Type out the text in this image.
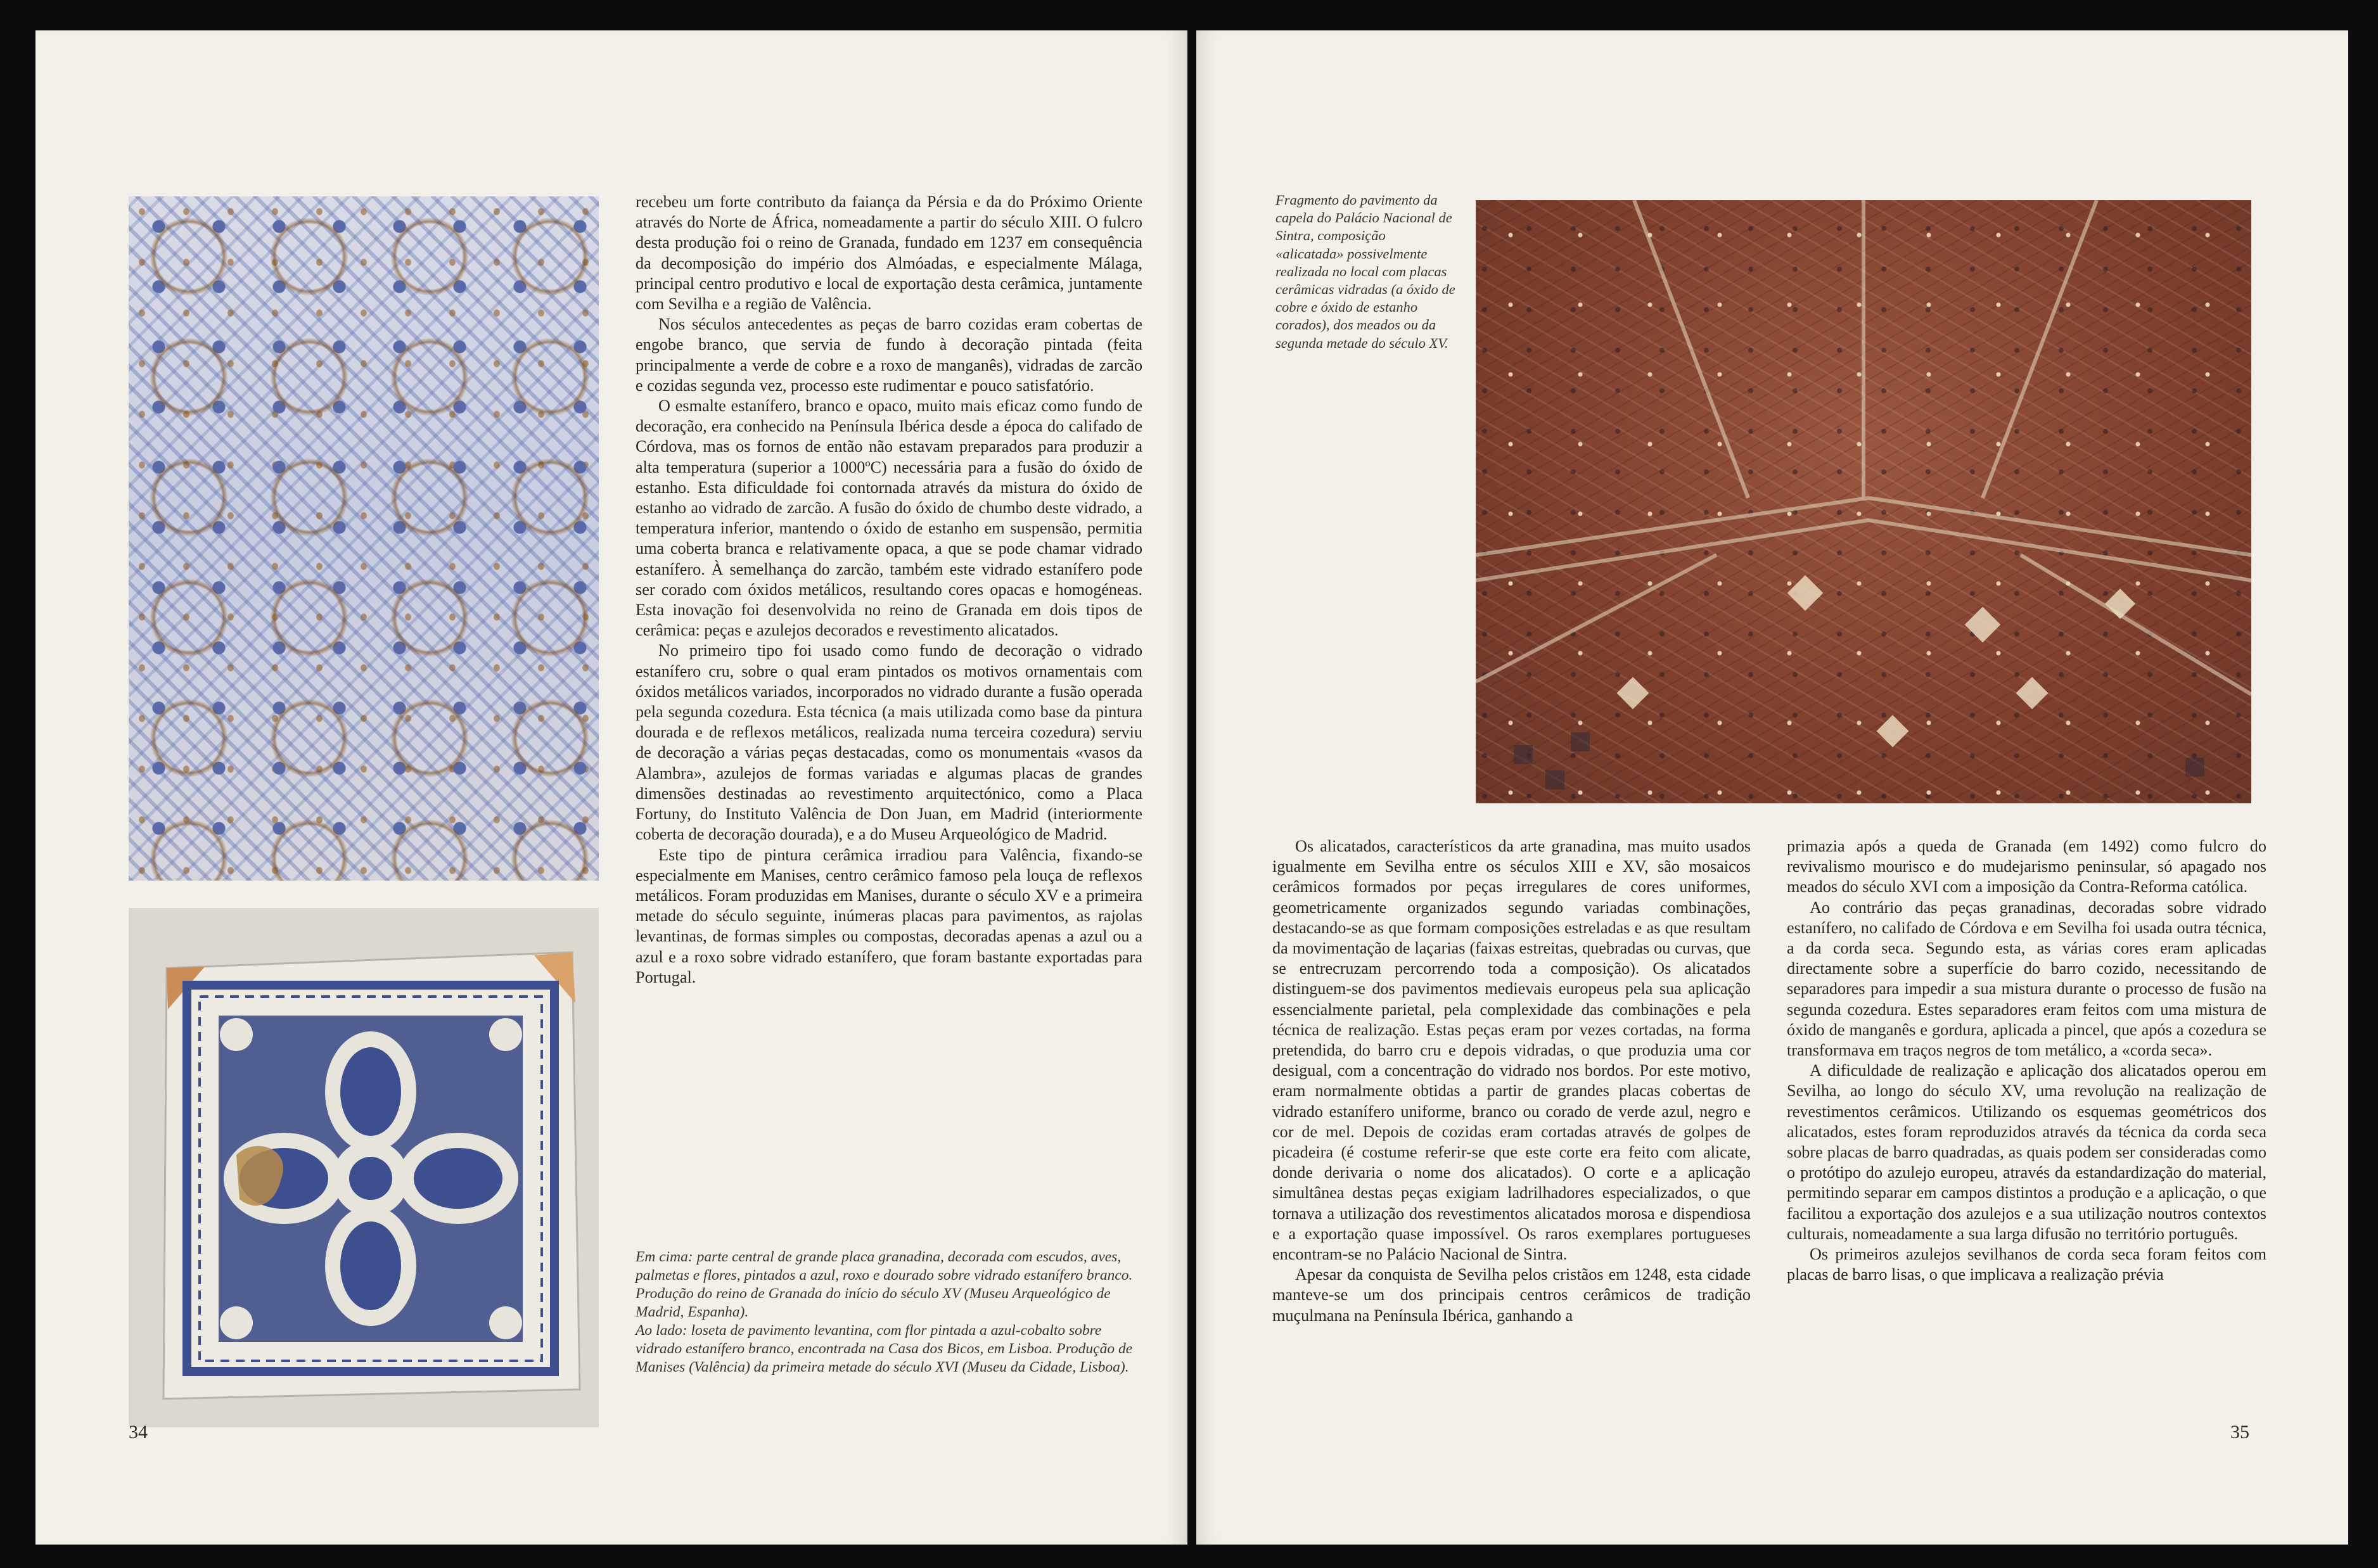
recebeu um forte contributo da faiança da Pérsia e da do Próximo Oriente através do Norte de África, nomeadamente a partir do século XIII. O fulcro desta produção foi o reino de Granada, fundado em 1237 em consequência da decomposição do império dos Almóadas, e especialmente Málaga, principal centro produtivo e local de exportação desta cerâmica, juntamente com Sevilha e a região de Valência.

Nos séculos antecedentes as peças de barro cozidas eram cobertas de engobe branco, que servia de fundo à decoração pintada (feita principalmente a verde de cobre e a roxo de manganês), vidradas de zarcão e cozidas segunda vez, processo este rudimentar e pouco satisfatório.

O esmalte estanífero, branco e opaco, muito mais eficaz como fundo de decoração, era conhecido na Península Ibérica desde a época do califado de Córdova, mas os fornos de então não estavam preparados para produzir a alta temperatura (superior a 1000ºC) necessária para a fusão do óxido de estanho. Esta dificuldade foi contornada através da mistura do óxido de estanho ao vidrado de zarcão. A fusão do óxido de chumbo deste vidrado, a temperatura inferior, mantendo o óxido de estanho em suspensão, permitia uma coberta branca e relativamente opaca, a que se pode chamar vidrado estanífero. À semelhança do zarcão, também este vidrado estanífero pode ser corado com óxidos metálicos, resultando cores opacas e homogéneas. Esta inovação foi desenvolvida no reino de Granada em dois tipos de cerâmica: peças e azulejos decorados e revestimento alicatados.

No primeiro tipo foi usado como fundo de decoração o vidrado estanífero cru, sobre o qual eram pintados os motivos ornamentais com óxidos metálicos variados, incorporados no vidrado durante a fusão operada pela segunda cozedura. Esta técnica (a mais utilizada como base da pintura dourada e de reflexos metálicos, realizada numa terceira cozedura) serviu de decoração a várias peças destacadas, como os monumentais «vasos da Alambra», azulejos de formas variadas e algumas placas de grandes dimensões destinadas ao revestimento arquitectónico, como a Placa Fortuny, do Instituto Valência de Don Juan, em Madrid (interiormente coberta de decoração dourada), e a do Museu Arqueológico de Madrid.

Este tipo de pintura cerâmica irradiou para Valência, fixando-se especialmente em Manises, centro cerâmico famoso pela louça de reflexos metálicos. Foram produzidas em Manises, durante o século XV e a primeira metade do século seguinte, inúmeras placas para pavimentos, as rajolas levantinas, de formas simples ou compostas, decoradas apenas a azul ou a azul e a roxo sobre vidrado estanífero, que foram bastante exportadas para Portugal.

Em cima: parte central de grande placa granadina, decorada com escudos, aves, palmetas e flores, pintados a azul, roxo e dourado sobre vidrado estanífero branco. Produção do reino de Granada do início do século XV (Museu Arqueológico de Madrid, Espanha).

Ao lado: loseta de pavimento levantina, com flor pintada a azul-cobalto sobre vidrado estanífero branco, encontrada na Casa dos Bicos, em Lisboa. Produção de Manises (Valência) da primeira metade do século XVI (Museu da Cidade, Lisboa).

34
Fragmento do pavimento da capela do Palácio Nacional de Sintra, composição «alicatada» possivelmente realizada no local com placas cerâmicas vidradas (a óxido de cobre e óxido de estanho corados), dos meados ou da segunda metade do século XV.

Os alicatados, característicos da arte granadina, mas muito usados igualmente em Sevilha entre os séculos XIII e XV, são mosaicos cerâmicos formados por peças irregulares de cores uniformes, geometricamente organizados segundo variadas combinações, destacando-se as que formam composições estreladas e as que resultam da movimentação de laçarias (faixas estreitas, quebradas ou curvas, que se entrecruzam percorrendo toda a composição). Os alicatados distinguem-se dos pavimentos medievais europeus pela sua aplicação essencialmente parietal, pela complexidade das combinações e pela técnica de realização. Estas peças eram por vezes cortadas, na forma pretendida, do barro cru e depois vidradas, o que produzia uma cor desigual, com a concentração do vidrado nos bordos. Por este motivo, eram normalmente obtidas a partir de grandes placas cobertas de vidrado estanífero uniforme, branco ou corado de verde azul, negro e cor de mel. Depois de cozidas eram cortadas através de golpes de picadeira (é costume referir-se que este corte era feito com alicate, donde derivaria o nome dos alicatados). O corte e a aplicação simultânea destas peças exigiam ladrilhadores especializados, o que tornava a utilização dos revestimentos alicatados morosa e dispendiosa e a exportação quase impossível. Os raros exemplares portugueses encontram-se no Palácio Nacional de Sintra.

Apesar da conquista de Sevilha pelos cristãos em 1248, esta cidade manteve-se um dos principais centros cerâmicos de tradição muçulmana na Península Ibérica, ganhando a

primazia após a queda de Granada (em 1492) como fulcro do revivalismo mourisco e do mudejarismo peninsular, só apagado nos meados do século XVI com a imposição da Contra-Reforma católica.

Ao contrário das peças granadinas, decoradas sobre vidrado estanífero, no califado de Córdova e em Sevilha foi usada outra técnica, a da corda seca. Segundo esta, as várias cores eram aplicadas directamente sobre a superfície do barro cozido, necessitando de separadores para impedir a sua mistura durante o processo de fusão na segunda cozedura. Estes separadores eram feitos com uma mistura de óxido de manganês e gordura, aplicada a pincel, que após a cozedura se transformava em traços negros de tom metálico, a «corda seca».

A dificuldade de realização e aplicação dos alicatados operou em Sevilha, ao longo do século XV, uma revolução na realização de revestimentos cerâmicos. Utilizando os esquemas geométricos dos alicatados, estes foram reproduzidos através da técnica da corda seca sobre placas de barro quadradas, as quais podem ser consideradas como o protótipo do azulejo europeu, através da estandardização do material, permitindo separar em campos distintos a produção e a aplicação, o que facilitou a exportação dos azulejos e a sua utilização noutros contextos culturais, nomeadamente a sua larga difusão no território português.

Os primeiros azulejos sevilhanos de corda seca foram feitos com placas de barro lisas, o que implicava a realização prévia

35
